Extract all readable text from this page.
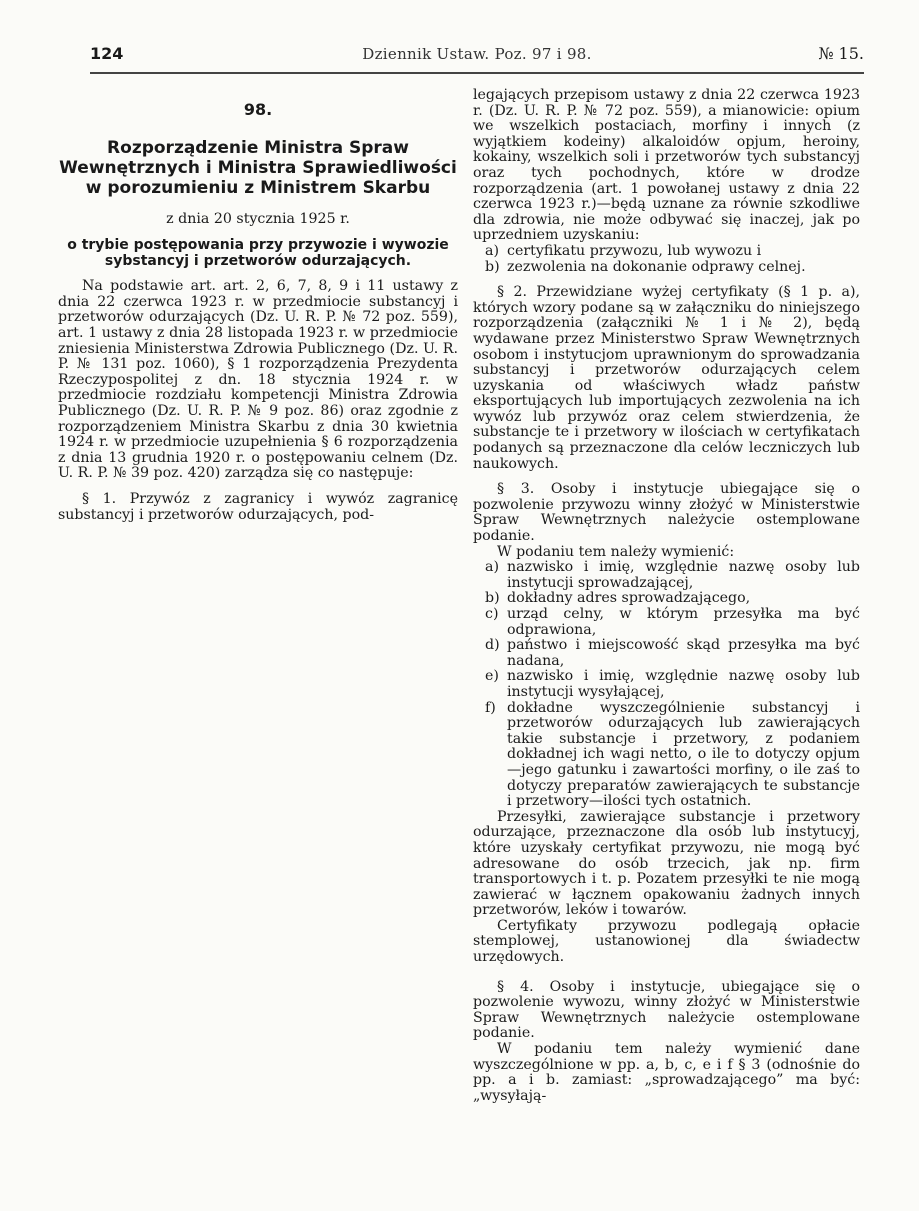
124	Dziennik Ustaw. Poz. 97 i 98.	№ 15.

98.

Rozporządzenie Ministra Spraw Wewnętrznych i Ministra Sprawiedliwości w porozumieniu z Ministrem Skarbu

z dnia 20 stycznia 1925 r.

o trybie postępowania przy przywozie i wywozie sybstancyj i przetworów odurzających.

Na podstawie art. art. 2, 6, 7, 8, 9 i 11 ustawy z dnia 22 czerwca 1923 r. w przedmiocie substancyj i przetworów odurzających (Dz. U. R. P. № 72 poz. 559), art. 1 ustawy z dnia 28 listopada 1923 r. w przedmiocie zniesienia Ministerstwa Zdrowia Publicznego (Dz. U. R. P. № 131 poz. 1060), § 1 rozporządzenia Prezydenta Rzeczypospolitej z dn. 18 stycznia 1924 r. w przedmiocie rozdziału kompetencji Ministra Zdrowia Publicznego (Dz. U. R. P. № 9 poz. 86) oraz zgodnie z rozporządzeniem Ministra Skarbu z dnia 30 kwietnia 1924 r. w przedmiocie uzupełnienia § 6 rozporządzenia z dnia 13 grudnia 1920 r. o postępowaniu celnem (Dz. U. R. P. № 39 poz. 420) zarządza się co następuje:

§ 1. Przywóz z zagranicy i wywóz zagranicę substancyj i przetworów odurzających, pod-

legających przepisom ustawy z dnia 22 czerwca 1923 r. (Dz. U. R. P. № 72 poz. 559), a mianowicie: opium we wszelkich postaciach, morfiny i innych (z wyjątkiem kodeiny) alkaloidów opjum, heroiny, kokainy, wszelkich soli i przetworów tych substancyj oraz tych pochodnych, które w drodze rozporządzenia (art. 1 powołanej ustawy z dnia 22 czerwca 1923 r.)—będą uznane za równie szkodliwe dla zdrowia, nie może odbywać się inaczej, jak po uprzedniem uzyskaniu:

a) certyfikatu przywozu, lub wywozu i
b) zezwolenia na dokonanie odprawy celnej.

§ 2. Przewidziane wyżej certyfikaty (§ 1 p. a), których wzory podane są w załączniku do niniejszego rozporządzenia (załączniki № 1 i № 2), będą wydawane przez Ministerstwo Spraw Wewnętrznych osobom i instytucjom uprawnionym do sprowadzania substancyj i przetworów odurzających celem uzyskania od właściwych władz państw eksportujących lub importujących zezwolenia na ich wywóz lub przywóz oraz celem stwierdzenia, że substancje te i przetwory w ilościach w certyfikatach podanych są przeznaczone dla celów leczniczych lub naukowych.

§ 3. Osoby i instytucje ubiegające się o pozwolenie przywozu winny złożyć w Ministerstwie Spraw Wewnętrznych należycie ostemplowane podanie.

W podaniu tem należy wymienić:

a) nazwisko i imię, względnie nazwę osoby lub instytucji sprowadzającej,
b) dokładny adres sprowadzającego,
c) urząd celny, w którym przesyłka ma być odprawiona,
d) państwo i miejscowość skąd przesyłka ma być nadana,
e) nazwisko i imię, względnie nazwę osoby lub instytucji wysyłającej,
f) dokładne wyszczególnienie substancyj i przetworów odurzających lub zawierających takie substancje i przetwory, z podaniem dokładnej ich wagi netto, o ile to dotyczy opjum—jego gatunku i zawartości morfiny, o ile zaś to dotyczy preparatów zawierających te substancje i przetwory—ilości tych ostatnich.

Przesyłki, zawierające substancje i przetwory odurzające, przeznaczone dla osób lub instytucyj, które uzyskały certyfikat przywozu, nie mogą być adresowane do osób trzecich, jak np. firm transportowych i t. p. Pozatem przesyłki te nie mogą zawierać w łącznem opakowaniu żadnych innych przetworów, leków i towarów.

Certyfikaty przywozu podlegają opłacie stemplowej, ustanowionej dla świadectw urzędowych.

§ 4. Osoby i instytucje, ubiegające się o pozwolenie wywozu, winny złożyć w Ministerstwie Spraw Wewnętrznych należycie ostemplowane podanie.

W podaniu tem należy wymienić dane wyszczególnione w pp. a, b, c, e i f § 3 (odnośnie do pp. a i b. zamiast: „sprowadzającego” ma być: „wysyłają-
